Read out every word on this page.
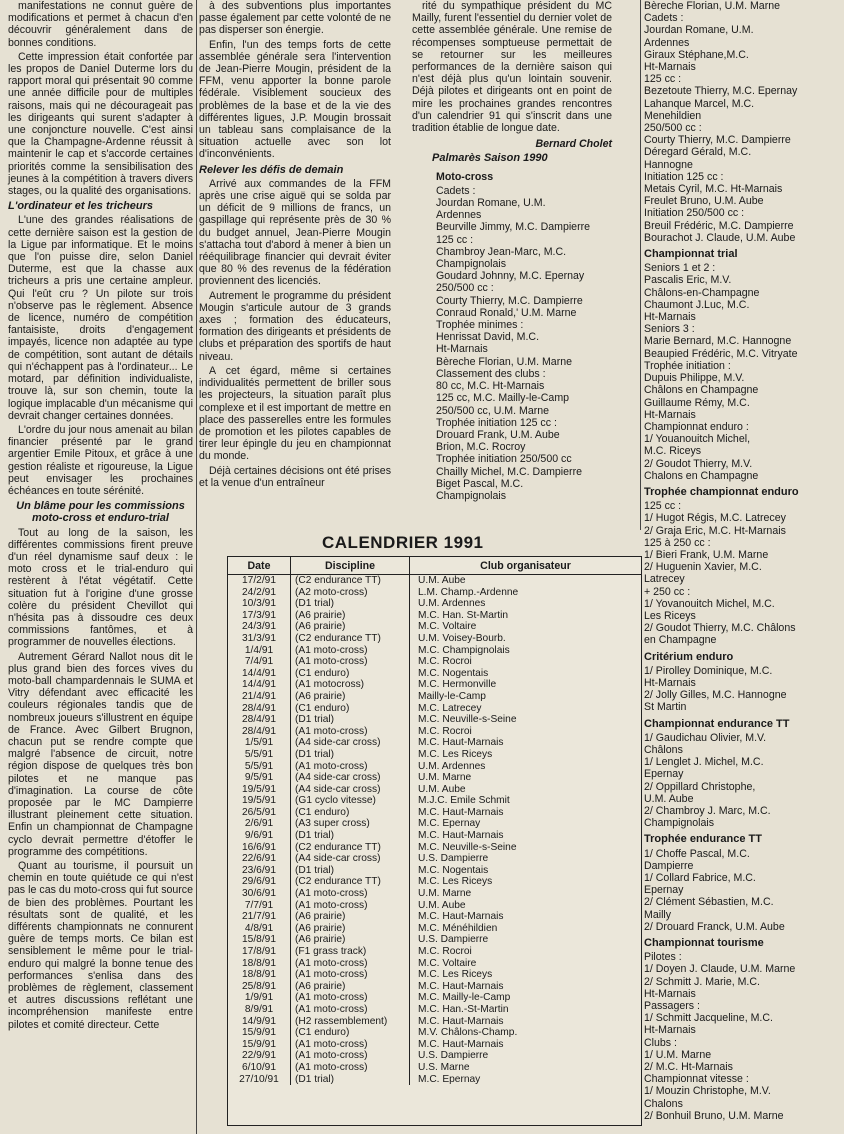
manifestations ne connut guère de modifications et permet à chacun d'en découvrir généralement dans de bonnes conditions.

Cette impression était confortée par les propos de Daniel Duterme lors du rapport moral qui présentait 90 comme une année difficile pour de multiples raisons, mais qui ne décourageait pas les dirigeants qui surent s'adapter à une conjoncture nouvelle. C'est ainsi que la Champagne-Ardenne réussit à maintenir le cap et s'accorde certaines priorités comme la sensibilisation des jeunes à la compétition à travers divers stages, ou la qualité des organisations.

L'ordinateur et les tricheurs

L'une des grandes réalisations de cette dernière saison est la gestion de la Ligue par informatique. Et le moins que l'on puisse dire, selon Daniel Duterme, est que la chasse aux tricheurs a pris une certaine ampleur. Qui l'eût cru ? Un pilote sur trois n'observe pas le règlement. Absence de licence, numéro de compétition fantaisiste, droits d'engagement impayés, licence non adaptée au type de compétition, sont autant de détails qui n'échappent pas à l'ordinateur... Le motard, par définition individualiste, trouve là, sur son chemin, toute la logique implacable d'un mécanisme qui devrait changer certaines données.

L'ordre du jour nous amenait au bilan financier présenté par le grand argentier Emile Pitoux, et grâce à une gestion réaliste et rigoureuse, la Ligue peut envisager les prochaines échéances en toute sérénité.

Un blâme pour les commissions moto-cross et enduro-trial

Tout au long de la saison, les différentes commissions firent preuve d'un réel dynamisme sauf deux : le moto cross et le trial-enduro qui restèrent à l'état végétatif. Cette situation fut à l'origine d'une grosse colère du président Chevillot qui n'hésita pas à dissoudre ces deux commissions fantômes, et à programmer de nouvelles élections.

Autrement Gérard Nallot nous dit le plus grand bien des forces vives du moto-ball champardennais le SUMA et Vitry défendant avec efficacité les couleurs régionales tandis que de nombreux joueurs s'illustrent en équipe de France. Avec Gilbert Brugnon, chacun put se rendre compte que malgré l'absence de circuit, notre région dispose de quelques très bon pilotes et ne manque pas d'imagination. La course de côte proposée par le MC Dampierre illustrant pleinement cette situation. Enfin un championnat de Champagne cyclo devrait permettre d'étoffer le programme des compétitions.

Quant au tourisme, il poursuit un chemin en toute quiétude ce qui n'est pas le cas du moto-cross qui fut source de bien des problèmes. Pourtant les résultats sont de qualité, et les différents championnats ne connurent guère de temps morts. Ce bilan est sensiblement le même pour le trial-enduro qui malgré la bonne tenue des performances s'enlisa dans des problèmes de règlement, classement et autres discussions reflétant une incompréhension manifeste entre pilotes et comité directeur. Cette

à des subventions plus importantes passe également par cette volonté de ne pas disperser son énergie.

Enfin, l'un des temps forts de cette assemblée générale sera l'intervention de Jean-Pierre Mougin, président de la FFM, venu apporter la bonne parole fédérale. Visiblement soucieux des problèmes de la base et de la vie des différentes ligues, J.P. Mougin brossait un tableau sans complaisance de la situation actuelle avec son lot d'inconvénients.

Relever les défis de demain

Arrivé aux commandes de la FFM après une crise aiguë qui se solda par un déficit de 9 millions de francs, un gaspillage qui représente près de 30 % du budget annuel, Jean-Pierre Mougin s'attacha tout d'abord à mener à bien un rééquilibrage financier qui devrait éviter que 80 % des revenus de la fédération proviennent des licenciés.

Autrement le programme du président Mougin s'articule autour de 3 grands axes ; formation des éducateurs, formation des dirigeants et présidents de clubs et préparation des sportifs de haut niveau.

A cet égard, même si certaines individualités permettent de briller sous les projecteurs, la situation paraît plus complexe et il est important de mettre en place des passerelles entre les formules de promotion et les pilotes capables de tirer leur épingle du jeu en championnat du monde.

Déjà certaines décisions ont été prises et la venue d'un entraîneur

rité du sympathique président du MC Mailly, furent l'essentiel du dernier volet de cette assemblée générale. Une remise de récompenses somptueuse permettait de se retourner sur les meilleures performances de la dernière saison qui n'est déjà plus qu'un lointain souvenir. Déjà pilotes et dirigeants ont en point de mire les prochaines grandes rencontres d'un calendrier 91 qui s'inscrit dans une tradition établie de longue date.

Bernard Cholet
Palmarès Saison 1990
Moto-cross
Cadets :
Jourdan Romane, U.M.
Ardennes
Beurville Jimmy, M.C. Dampierre
125 cc :
Chambroy Jean-Marc, M.C.
Champignolais
Goudard Johnny, M.C. Epernay
250/500 cc :
Courty Thierry, M.C. Dampierre
Conraud Ronald,' U.M. Marne
Trophée minimes :
Henrissat David, M.C.
Ht-Marnais
Bèreche Florian, U.M. Marne
Classement des clubs :
80 cc, M.C. Ht-Marnais
125 cc, M.C. Mailly-le-Camp
250/500 cc, U.M. Marne
Trophée initiation 125 cc :
Drouard Frank, U.M. Aube
Brion, M.C. Rocroy
Trophée initiation 250/500 cc
Chailly Michel, M.C. Dampierre
Biget Pascal, M.C.
Champignolais
Bèreche Florian, U.M. Marne
Cadets :
Jourdan Romane, U.M.
Ardennes
Giraux Stéphane,M.C.
Ht-Marnais
125 cc :
Bezetoute Thierry, M.C. Epernay
Lahanque Marcel, M.C.
Menehildien
250/500 cc :
Courty Thierry, M.C. Dampierre
Déregard Gérald, M.C.
Hannogne
Initiation 125 cc :
Metais Cyril, M.C. Ht-Marnais
Freulet Bruno, U.M. Aube
Initiation 250/500 cc :
Breuil Frédéric, M.C. Dampierre
Bourachot J. Claude, U.M. Aube
Championnat trial
Seniors 1 et 2 :
Pascalis Eric, M.V.
Châlons-en-Champagne
Chaumont J.Luc, M.C.
Ht-Marnais
Seniors 3 :
Marie Bernard, M.C. Hannogne
Beaupied Frédéric, M.C. Vitryate
Trophée initiation :
Dupuis Philippe, M.V.
Châlons en Champagne
Guillaume Rémy, M.C.
Ht-Marnais
Championnat enduro :
1/ Youanouitch Michel,
M.C. Riceys
2/ Goudot Thierry, M.V.
Chalons en Champagne
Trophée championnat enduro
125 cc :
1/ Hugot Régis, M.C. Latrecey
2/ Graja Eric, M.C. Ht-Marnais
125 à 250 cc :
1/ Bieri Frank, U.M. Marne
2/ Huguenin Xavier, M.C.
Latrecey
+ 250 cc :
1/ Yovanouitch Michel, M.C.
Les Riceys
2/ Goudot Thierry, M.C. Châlons
en Champagne
Critérium enduro
1/ Pirolley Dominique, M.C.
Ht-Marnais
2/ Jolly Gilles, M.C. Hannogne
St Martin
Championnat endurance TT
1/ Gaudichau Olivier, M.V.
Châlons
1/ Lenglet J. Michel, M.C.
Epernay
2/ Oppillard Christophe,
U.M. Aube
2/ Chambroy J. Marc, M.C.
Champignolais
Trophée endurance TT
1/ Choffe Pascal, M.C.
Dampierre
1/ Collard Fabrice, M.C.
Epernay
2/ Clément Sébastien, M.C.
Mailly
2/ Drouard Franck, U.M. Aube
Championnat tourisme
Pilotes :
1/ Doyen J. Claude, U.M. Marne
2/ Schmitt J. Marie, M.C.
Ht-Marnais
Passagers :
1/ Schmitt Jacqueline, M.C.
Ht-Marnais
Clubs :
1/ U.M. Marne
2/ M.C. Ht-Marnais
Championnat vitesse :
1/ Mouzin Christophe, M.V.
Chalons
2/ Bonhuil Bruno, U.M. Marne
CALENDRIER 1991
Date	Discipline	Club organisateur
17/2/91	(C2 endurance TT)	U.M. Aube
24/2/91	(A2 moto-cross)	L.M. Champ.-Ardenne
10/3/91	(D1 trial)	U.M. Ardennes
17/3/91	(A6 prairie)	M.C. Han. St-Martin
24/3/91	(A6 prairie)	M.C. Voltaire
31/3/91	(C2 endurance TT)	U.M. Voisey-Bourb.
1/4/91	(A1 moto-cross)	M.C. Champignolais
7/4/91	(A1 moto-cross)	M.C. Rocroi
14/4/91	(C1 enduro)	M.C. Nogentais
14/4/91	(A1 motocross)	M.C. Hermonville
21/4/91	(A6 prairie)	Mailly-le-Camp
28/4/91	(C1 enduro)	M.C. Latrecey
28/4/91	(D1 trial)	M.C. Neuville-s-Seine
28/4/91	(A1 moto-cross)	M.C. Rocroi
1/5/91	(A4 side-car cross)	M.C. Haut-Marnais
5/5/91	(D1 trial)	M.C. Les Riceys
5/5/91	(A1 moto-cross)	U.M. Ardennes
9/5/91	(A4 side-car cross)	U.M. Marne
19/5/91	(A4 side-car cross)	U.M. Aube
19/5/91	(G1 cyclo vitesse)	M.J.C. Emile Schmit
26/5/91	(C1 enduro)	M.C. Haut-Marnais
2/6/91	(A3 super cross)	M.C. Epernay
9/6/91	(D1 trial)	M.C. Haut-Marnais
16/6/91	(C2 endurance TT)	M.C. Neuville-s-Seine
22/6/91	(A4 side-car cross)	U.S. Dampierre
23/6/91	(D1 trial)	M.C. Nogentais
29/6/91	(C2 endurance TT)	M.C. Les Riceys
30/6/91	(A1 moto-cross)	U.M. Marne
7/7/91	(A1 moto-cross)	U.M. Aube
21/7/91	(A6 prairie)	M.C. Haut-Marnais
4/8/91	(A6 prairie)	M.C. Ménéhildien
15/8/91	(A6 prairie)	U.S. Dampierre
17/8/91	(F1 grass track)	M.C. Rocroi
18/8/91	(A1 moto-cross)	M.C. Voltaire
18/8/91	(A1 moto-cross)	M.C. Les Riceys
25/8/91	(A6 prairie)	M.C. Haut-Marnais
1/9/91	(A1 moto-cross)	M.C. Mailly-le-Camp
8/9/91	(A1 moto-cross)	M.C. Han.-St-Martin
14/9/91	(H2 rassemblement)	M.C. Haut-Marnais
15/9/91	(C1 enduro)	M.V. Châlons-Champ.
15/9/91	(A1 moto-cross)	M.C. Haut-Marnais
22/9/91	(A1 moto-cross)	U.S. Dampierre
6/10/91	(A1 moto-cross)	U.S. Marne
27/10/91	(D1 trial)	M.C. Epernay
